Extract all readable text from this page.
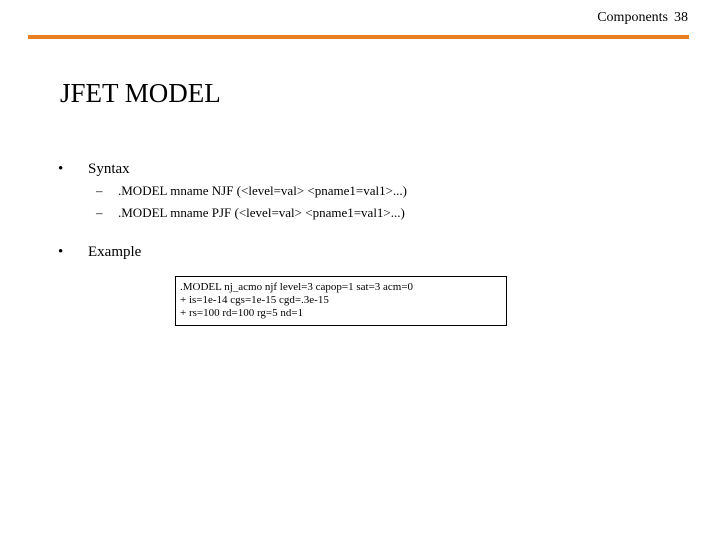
Components 38
JFET MODEL
• Syntax
– .MODEL mname NJF (<level=val> <pname1=val1>...)
– .MODEL mname PJF (<level=val> <pname1=val1>...)
• Example
.MODEL nj_acmo njf level=3 capop=1 sat=3 acm=0
+ is=1e-14 cgs=1e-15 cgd=.3e-15
+ rs=100 rd=100 rg=5 nd=1
